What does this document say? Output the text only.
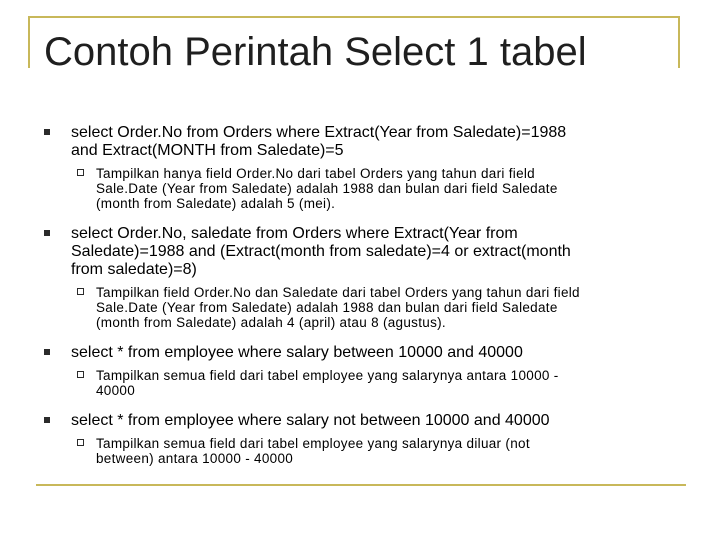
Contoh Perintah Select 1 tabel
select Order.No from Orders where Extract(Year from Saledate)=1988
and Extract(MONTH from Saledate)=5
Tampilkan hanya field Order.No dari tabel Orders yang tahun dari field
Sale.Date (Year from Saledate) adalah 1988 dan bulan dari field Saledate
(month from Saledate) adalah 5 (mei).
select Order.No, saledate from Orders where Extract(Year from
Saledate)=1988 and (Extract(month from saledate)=4 or extract(month
from saledate)=8)
Tampilkan field Order.No dan Saledate dari tabel Orders yang tahun dari field
Sale.Date (Year from Saledate) adalah 1988 dan bulan dari field Saledate
(month from Saledate) adalah 4 (april) atau 8 (agustus).
select * from employee where salary between 10000 and 40000
Tampilkan semua field dari tabel employee yang salarynya antara 10000 -
40000
select * from employee where salary not between 10000 and 40000
Tampilkan semua field dari tabel employee yang salarynya diluar (not
between) antara 10000 - 40000
